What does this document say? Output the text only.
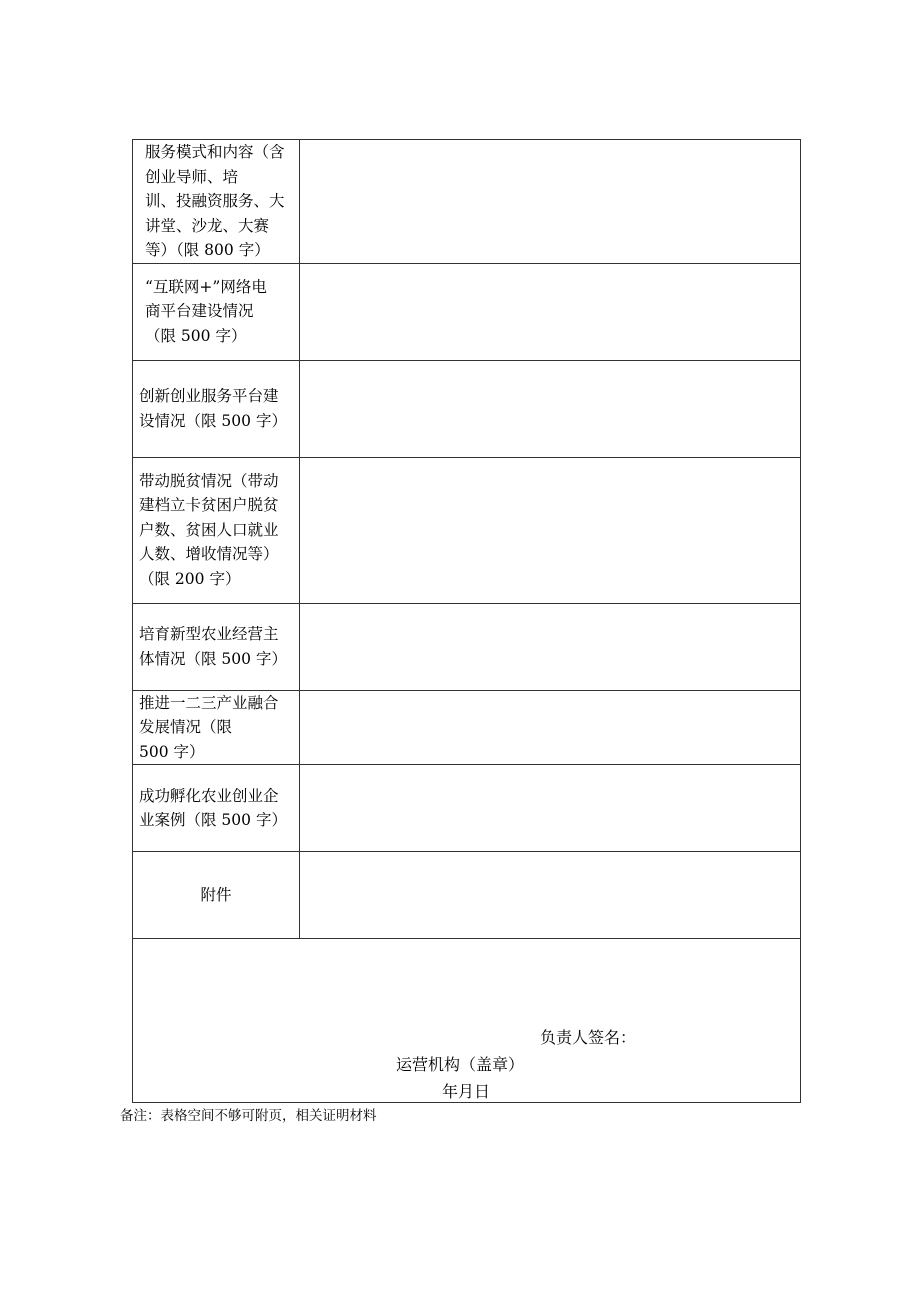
服务模式和内容（含
创业导师、培
训、投融资服务、大
讲堂、沙龙、大赛
等）（限 800 字）	

“互联网+”网络电
商平台建设情况
（限 500 字）	

创新创业服务平台建
设情况（限 500 字）	

带动脱贫情况（带动
建档立卡贫困户脱贫
户数、贫困人口就业
人数、增收情况等）
（限 200 字）	

培育新型农业经营主
体情况（限 500 字）	

推进一二三产业融合
发展情况（限
500 字）	

成功孵化农业创业企
业案例（限 500 字）	

附件	

负责人签名：
运营机构（盖章）
年月日	
备注：表格空间不够可附页，相关证明材料
